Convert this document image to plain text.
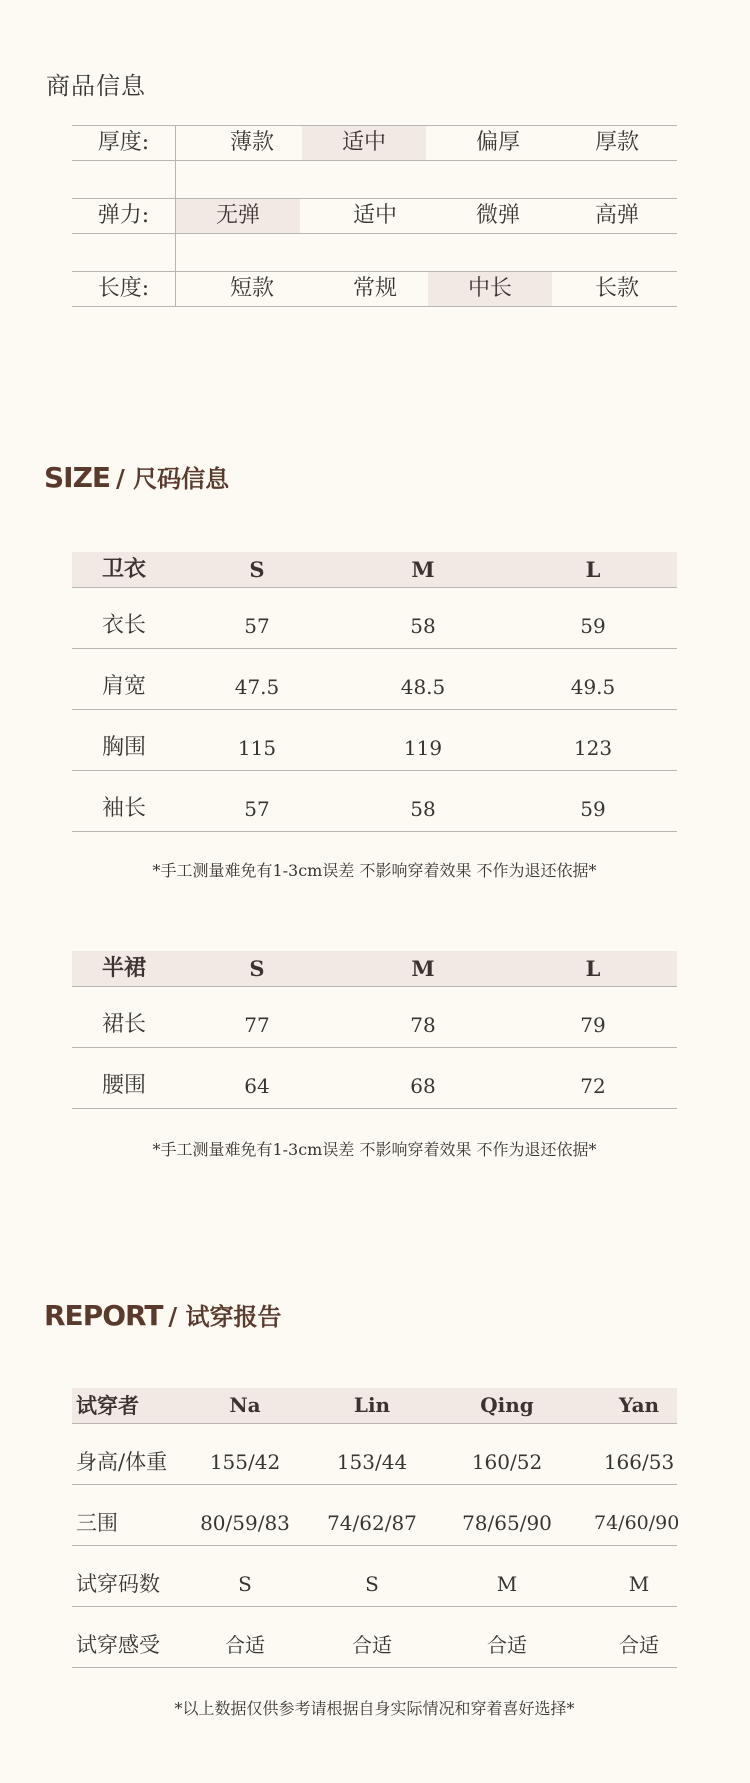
商品信息
厚度:	薄款	适中	偏厚	厚款
弹力:	无弹	适中	微弹	高弹
长度:	短款	常规	中长	长款
SIZE / 尺码信息
卫衣	S	M	L
衣长	57	58	59
肩宽	47.5	48.5	49.5
胸围	115	119	123
袖长	57	58	59
*手工测量难免有1-3cm误差 不影响穿着效果 不作为退还依据*
半裙	S	M	L
裙长	77	78	79
腰围	64	68	72
*手工测量难免有1-3cm误差 不影响穿着效果 不作为退还依据*
REPORT / 试穿报告
试穿者	Na	Lin	Qing	Yan
身高/体重	155/42	153/44	160/52	166/53
三围	80/59/83 74/62/87 78/65/90 74/60/90
试穿码数	S	S	M	M
试穿感受	合适	合适	合适	合适
*以上数据仅供参考请根据自身实际情况和穿着喜好选择*
